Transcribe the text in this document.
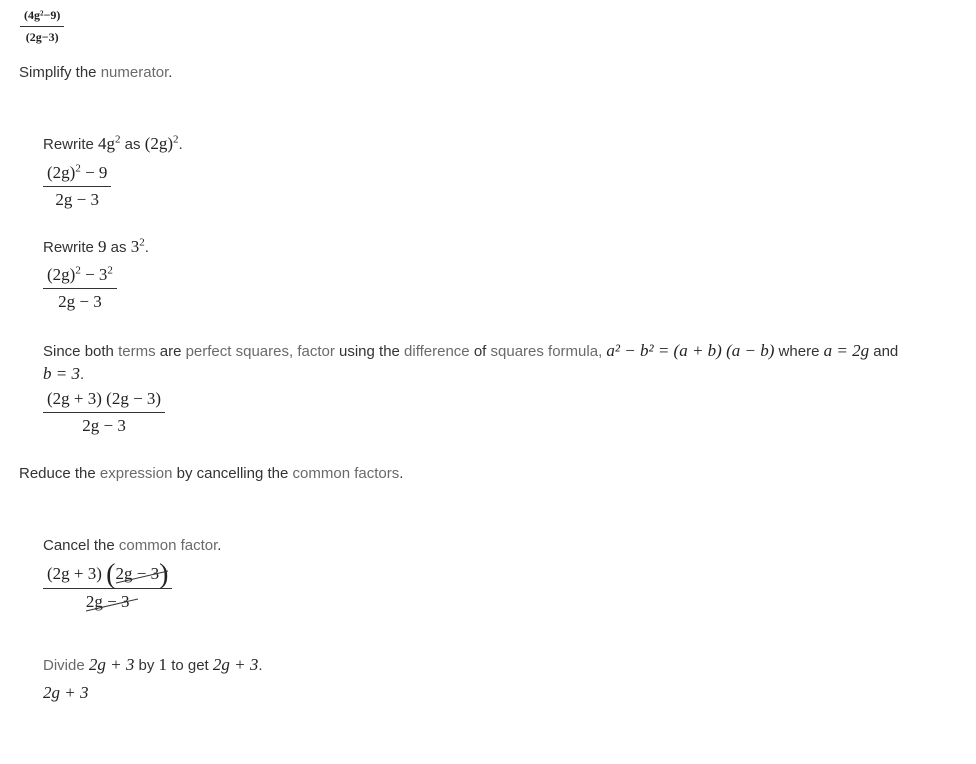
(4g²−9)
(2g−3)
Simplify the numerator.
Rewrite $4g^2$ as $(2g)^2$.
$(2g)^2 - 9$
2g − 3
Rewrite 9 as $3^2$.
$(2g)^2 - 3^2$
2g − 3
Since both terms are perfect squares, factor using the difference of squares formula, a² − b² = (a + b) (a − b) where a = 2g and
b = 3.
(2g + 3) (2g − 3)
2g − 3
Reduce the expression by cancelling the common factors.
Cancel the common factor.
(2g + 3) (2g − 3
)
2g − 3
Divide 2g + 3 by 1 to get 2g + 3.
2g + 3
